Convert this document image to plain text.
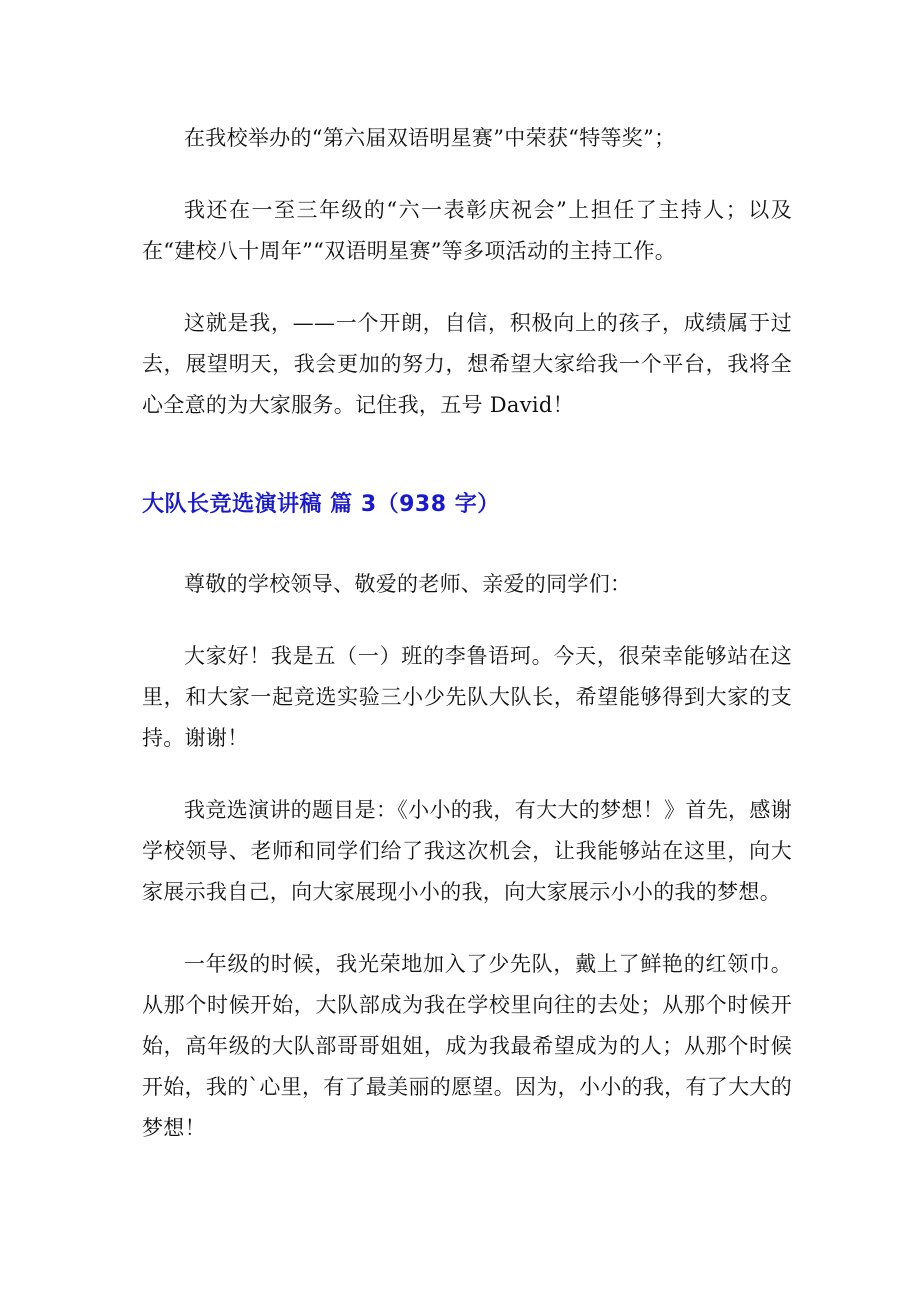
在我校举办的“第六届双语明星赛”中荣获“特等奖”；

我还在一至三年级的“六一表彰庆祝会”上担任了主持人；以及在“建校八十周年”“双语明星赛”等多项活动的主持工作。

这就是我，——一个开朗，自信，积极向上的孩子，成绩属于过去，展望明天，我会更加的努力，想希望大家给我一个平台，我将全心全意的为大家服务。记住我，五号 David！

大队长竞选演讲稿 篇 3（938 字）

尊敬的学校领导、敬爱的老师、亲爱的同学们：

大家好！我是五（一）班的李鲁语珂。今天，很荣幸能够站在这里，和大家一起竞选实验三小少先队大队长，希望能够得到大家的支持。谢谢！

我竞选演讲的题目是：《小小的我，有大大的梦想！》首先，感谢学校领导、老师和同学们给了我这次机会，让我能够站在这里，向大家展示我自己，向大家展现小小的我，向大家展示小小的我的梦想。

一年级的时候，我光荣地加入了少先队，戴上了鲜艳的红领巾。从那个时候开始，大队部成为我在学校里向往的去处；从那个时候开始，高年级的大队部哥哥姐姐，成为我最希望成为的人；从那个时候开始，我的`心里，有了最美丽的愿望。因为，小小的我，有了大大的梦想！
